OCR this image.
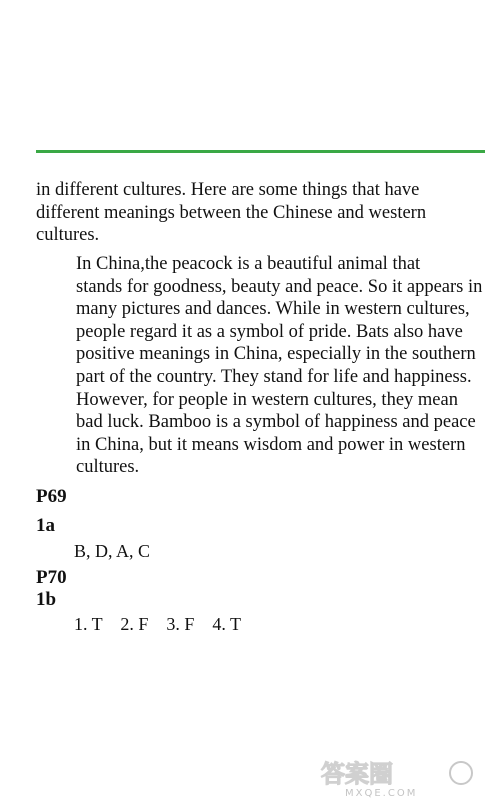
in different cultures. Here are some things that have
different meanings between the Chinese and western
cultures.

In China,the peacock is a beautiful animal that
stands for goodness, beauty and peace. So it appears in
many pictures and dances. While in western cultures,
people regard it as a symbol of pride. Bats also have
positive meanings in China, especially in the southern
part of the country. They stand for life and happiness.
However, for people in western cultures, they mean
bad luck. Bamboo is a symbol of happiness and peace
in China, but it means wisdom and power in western
cultures.

P69
1a
B, D, A, C
P70
1b
1. T    2. F    3. F    4. T
答案圈
MXQE.COM
